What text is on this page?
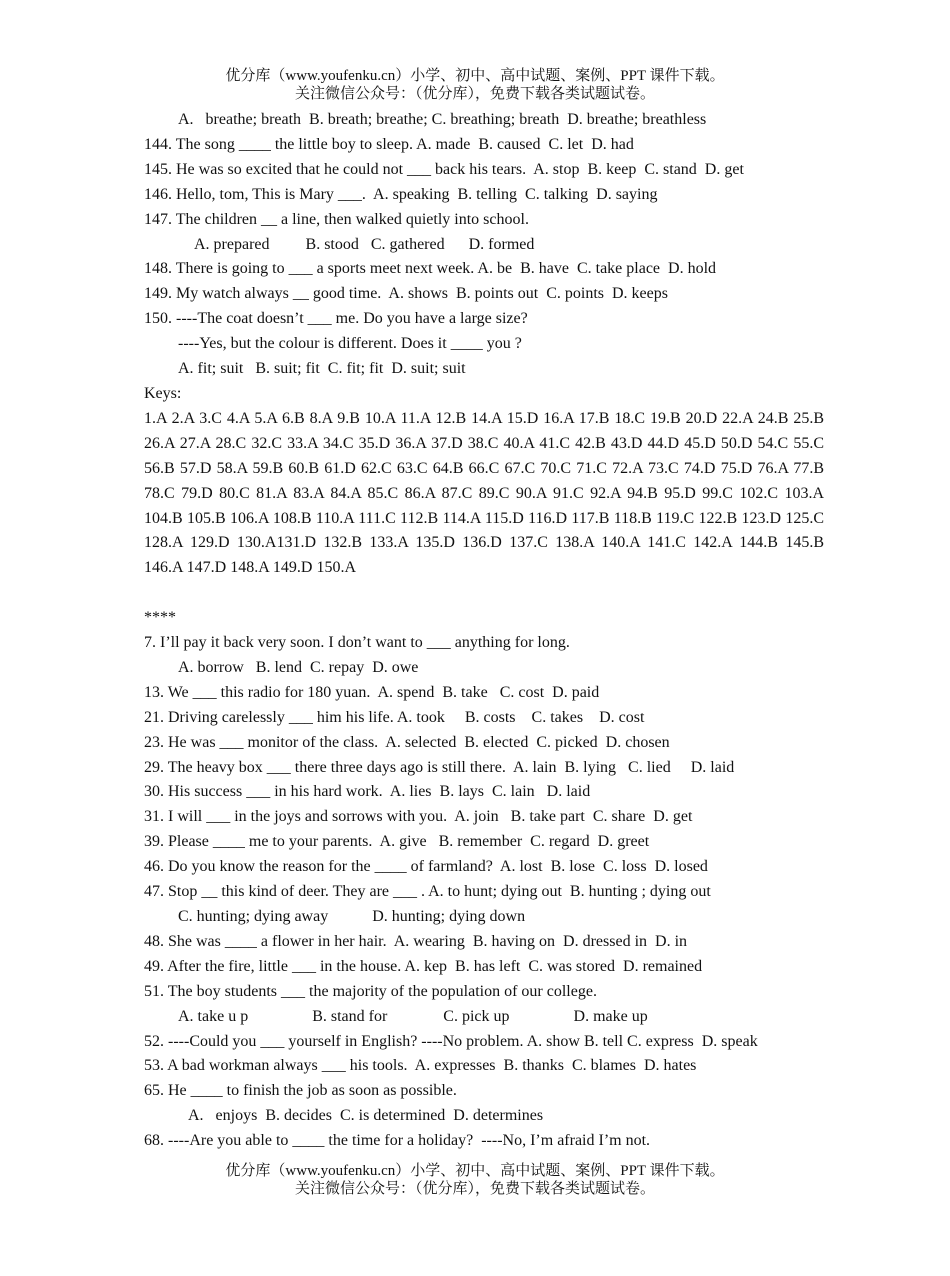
优分库（www.youfenku.cn）小学、初中、高中试题、案例、PPT 课件下载。
关注微信公众号：（优分库），免费下载各类试题试卷。
A.   breathe; breath  B. breath; breathe; C. breathing; breath  D. breathe; breathless
144. The song ____ the little boy to sleep. A. made  B. caused  C. let  D. had
145. He was so excited that he could not ___ back his tears.  A. stop  B. keep  C. stand  D. get
146. Hello, tom, This is Mary ___.  A. speaking  B. telling  C. talking  D. saying
147. The children __ a line, then walked quietly into school.
A. prepared         B. stood   C. gathered      D. formed
148. There is going to ___ a sports meet next week. A. be  B. have  C. take place  D. hold
149. My watch always __ good time.  A. shows  B. points out  C. points  D. keeps
150. ----The coat doesn’t ___ me. Do you have a large size?
----Yes, but the colour is different. Does it ____ you ?
A. fit; suit   B. suit; fit  C. fit; fit  D. suit; suit
Keys:
1.A 2.A 3.C 4.A 5.A 6.B 8.A 9.B 10.A 11.A 12.B 14.A 15.D 16.A 17.B 18.C 19.B 20.D 22.A 24.B 25.B 26.A 27.A 28.C 32.C 33.A 34.C 35.D 36.A 37.D 38.C 40.A 41.C 42.B 43.D 44.D 45.D 50.D 54.C 55.C 56.B 57.D 58.A 59.B 60.B 61.D 62.C 63.C 64.B 66.C 67.C 70.C 71.C 72.A 73.C 74.D 75.D 76.A 77.B 78.C 79.D 80.C 81.A 83.A 84.A 85.C 86.A 87.C 89.C 90.A 91.C 92.A 94.B 95.D 99.C 102.C 103.A 104.B 105.B 106.A 108.B 110.A 111.C 112.B 114.A 115.D 116.D 117.B 118.B 119.C 122.B 123.D 125.C 128.A 129.D 130.A131.D 132.B 133.A 135.D 136.D 137.C 138.A 140.A 141.C 142.A 144.B 145.B 146.A 147.D 148.A 149.D 150.A
****
7. I’ll pay it back very soon. I don’t want to ___ anything for long.
A. borrow   B. lend  C. repay  D. owe
13. We ___ this radio for 180 yuan.  A. spend  B. take   C. cost  D. paid
21. Driving carelessly ___ him his life. A. took     B. costs    C. takes    D. cost
23. He was ___ monitor of the class.  A. selected  B. elected  C. picked  D. chosen
29. The heavy box ___ there three days ago is still there.  A. lain  B. lying   C. lied     D. laid
30. His success ___ in his hard work.  A. lies  B. lays  C. lain   D. laid
31. I will ___ in the joys and sorrows with you.  A. join   B. take part  C. share  D. get
39. Please ____ me to your parents.  A. give   B. remember  C. regard  D. greet
46. Do you know the reason for the ____ of farmland?  A. lost  B. lose  C. loss  D. losed
47. Stop __ this kind of deer. They are ___ . A. to hunt; dying out  B. hunting ; dying out
C. hunting; dying away           D. hunting; dying down
48. She was ____ a flower in her hair.  A. wearing  B. having on  D. dressed in  D. in
49. After the fire, little ___ in the house. A. kep  B. has left  C. was stored  D. remained
51. The boy students ___ the majority of the population of our college.
A. take u p                B. stand for              C. pick up                D. make up
52. ----Could you ___ yourself in English? ----No problem. A. show B. tell C. express  D. speak
53. A bad workman always ___ his tools.  A. expresses  B. thanks  C. blames  D. hates
65. He ____ to finish the job as soon as possible.
A.   enjoys  B. decides  C. is determined  D. determines
68. ----Are you able to ____ the time for a holiday?  ----No, I’m afraid I’m not.
优分库（www.youfenku.cn）小学、初中、高中试题、案例、PPT 课件下载。
关注微信公众号：（优分库），免费下载各类试题试卷。
